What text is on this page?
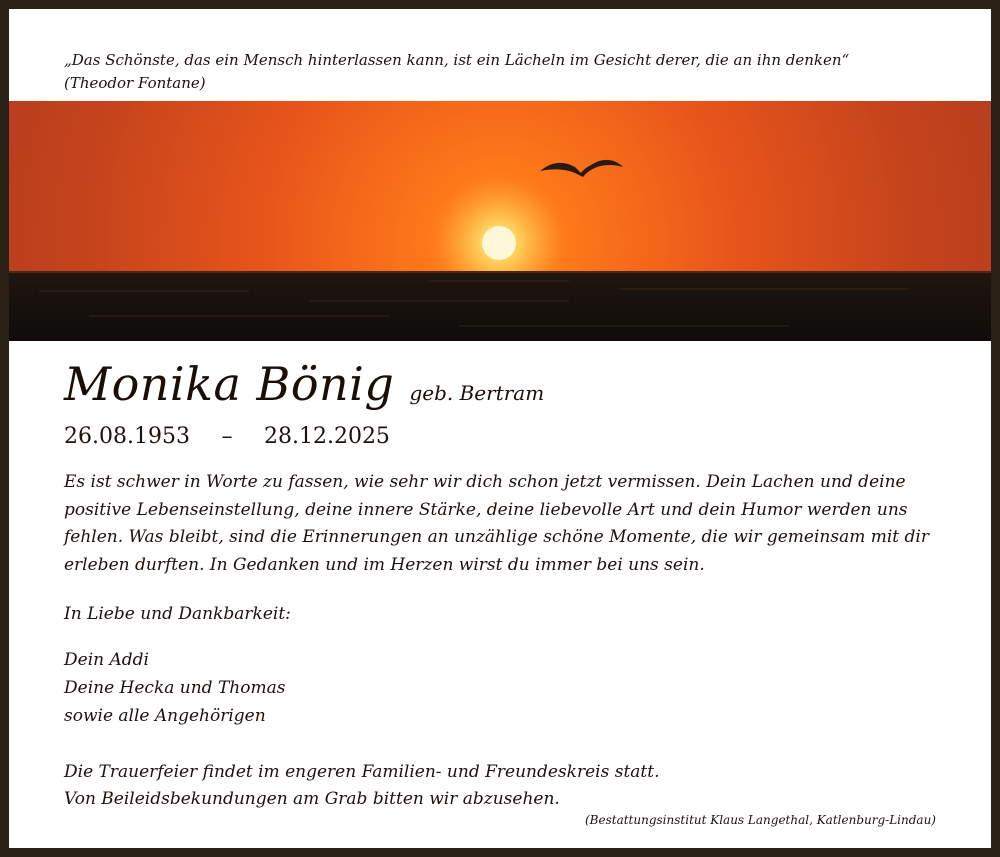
„Das Schönste, das ein Mensch hinterlassen kann, ist ein Lächeln im Gesicht derer, die an ihn denken“
(Theodor Fontane)
Monika Bönig geb. Bertram
26.08.1953 – 28.12.2025
Es ist schwer in Worte zu fassen, wie sehr wir dich schon jetzt vermissen. Dein Lachen und deine
positive Lebenseinstellung, deine innere Stärke, deine liebevolle Art und dein Humor werden uns
fehlen. Was bleibt, sind die Erinnerungen an unzählige schöne Momente, die wir gemeinsam mit dir
erleben durften. In Gedanken und im Herzen wirst du immer bei uns sein.
In Liebe und Dankbarkeit:
Dein Addi
Deine Hecka und Thomas
sowie alle Angehörigen
Die Trauerfeier findet im engeren Familien- und Freundeskreis statt.
Von Beileidsbekundungen am Grab bitten wir abzusehen.
(Bestattungsinstitut Klaus Langethal, Katlenburg-Lindau)
